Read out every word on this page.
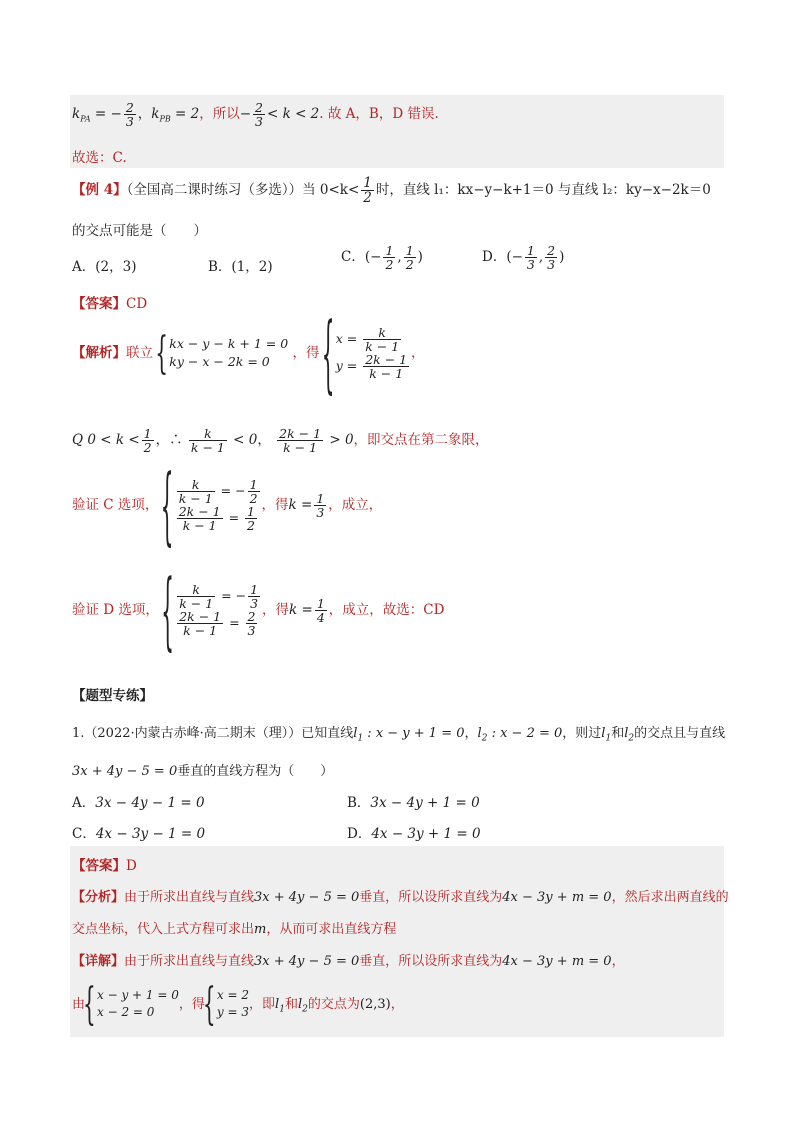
$k_{PA}$ = − $\frac{2}{3}$ ，$k_{PB} = 2$，所以− $\frac{2}{3} < k < 2$. 故 A，B，D 错误.
故选：C.
【例 4】（全国高二课时练习（多选））当 $0<k< \frac{1}{2}$ 时，直线 l₁：kx−y−k+1＝0 与直线 l₂：ky−x−2k＝0
的交点可能是（　　）
A．(2，3)	B．(1，2)
C．(− $\frac{1}{2}$ , $\frac{1}{2}$ )	D．(− $\frac{1}{3}$ , $\frac{2}{3}$ )
【答案】CD
【解析】联立
{ kx − y − k + 1 = 0
ky − x − 2k = 0
，得
{ $x = \frac{k}{k - 1}$
$y = \frac{2k - 1}{k - 1}$
，
Q $0 < k < \frac{1}{2}$ ，∴ $\frac{k}{k - 1} < 0$， $\frac{2k - 1}{k - 1} > 0$，即交点在第二象限，
验证 C 选项， { $\frac{k}{k - 1}$ = − $\frac{1}{2}$
$\frac{2k - 1}{k - 1} = \frac{1}{2}$
，得$k = \frac{1}{3}$ ，成立，
验证 D 选项， { $\frac{k}{k - 1}$ = − $\frac{1}{3}$
$\frac{2k - 1}{k - 1} = \frac{2}{3}$
，得$k = \frac{1}{4}$ ，成立，故选：CD
【题型专练】
1.（2022·内蒙古赤峰·高二期末（理））已知直线$l_1$ : x − y + 1 = 0，$l_2$ : x − 2 = 0，则过$l_1$和$l_2$的交点且与直线
3x + 4y − 5 = 0垂直的直线方程为（　　）
A．3x − 4y − 1 = 0	B．3x − 4y + 1 = 0
C．4x − 3y − 1 = 0	D．4x − 3y + 1 = 0
【答案】D
【分析】由于所求出直线与直线3x + 4y − 5 = 0垂直，所以设所求直线为4x − 3y + m = 0，然后求出两直线的
交点坐标，代入上式方程可求出m，从而可求出直线方程
【详解】由于所求出直线与直线3x + 4y − 5 = 0垂直，所以设所求直线为4x − 3y + m = 0，
由
{ x − y + 1 = 0
x − 2 = 0
，得
{ x = 2
y = 3
，即$l_1$和$l_2$的交点为(2,3)，
